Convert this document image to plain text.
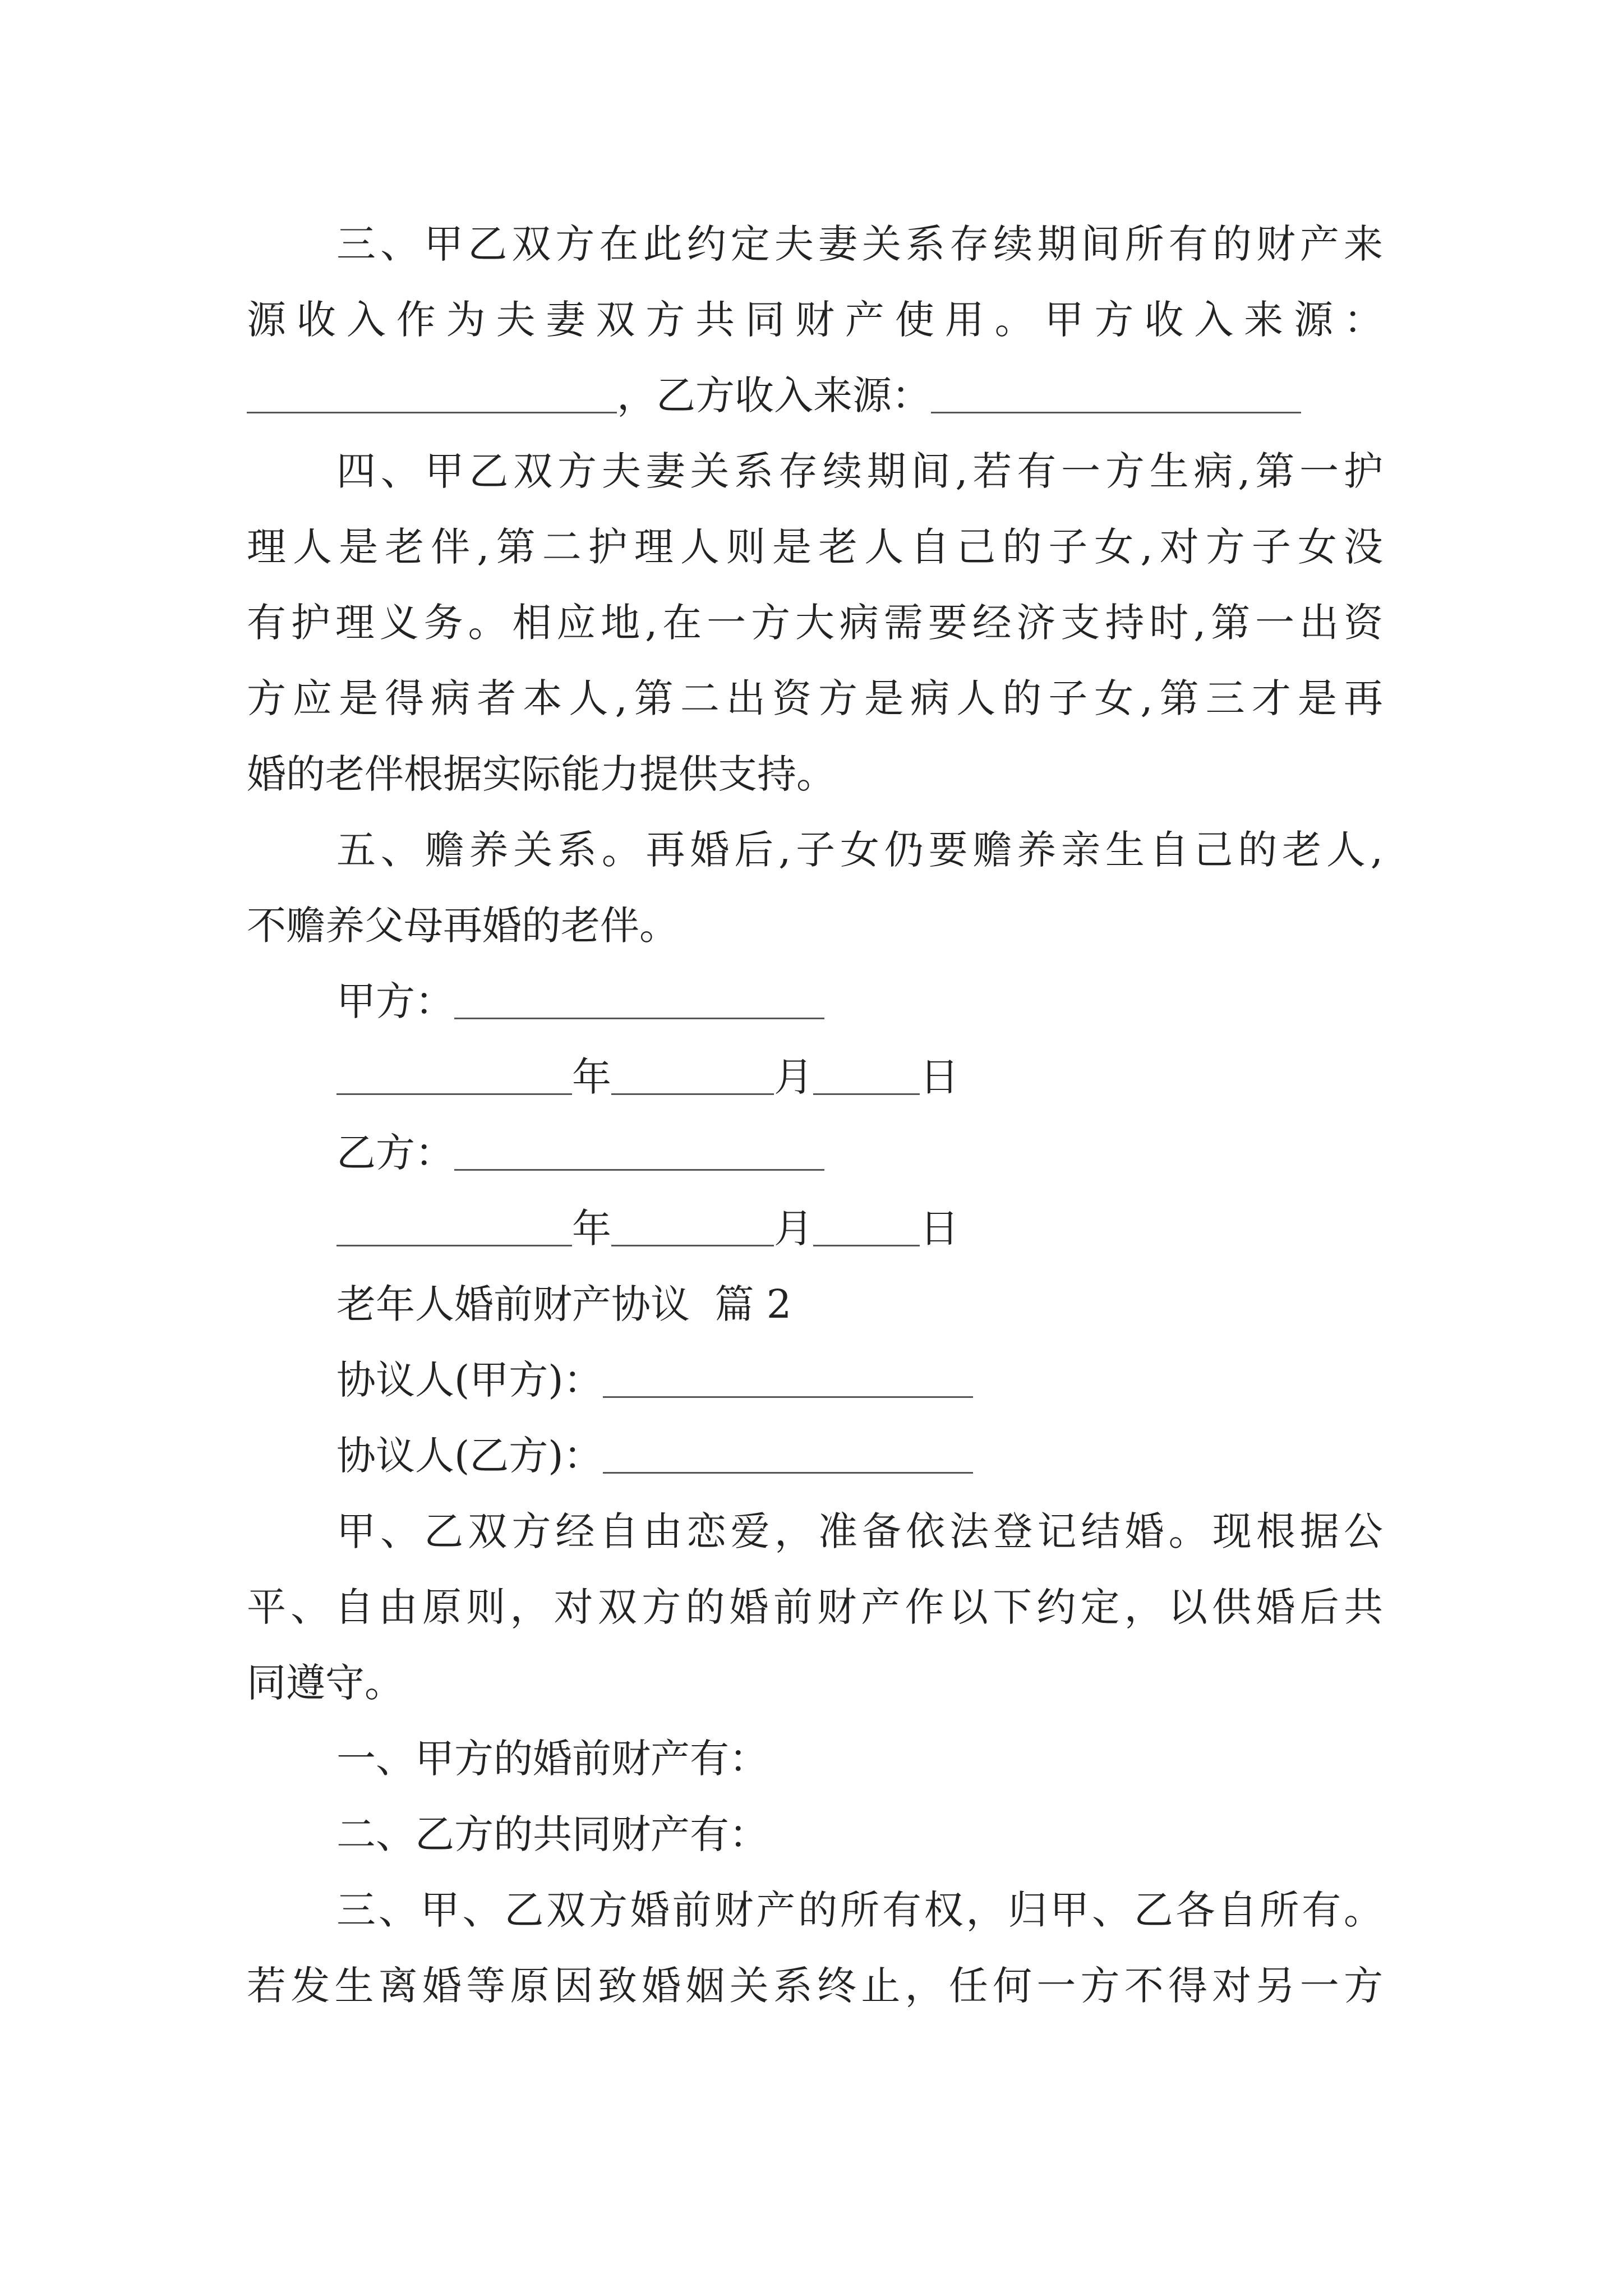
三、甲乙双方在此约定夫妻关系存续期间所有的财产来
源收入作为夫妻双方共同财产使用。甲方收入来源：
，乙方收入来源：
四、甲乙双方夫妻关系存续期间,若有一方生病,第一护
理人是老伴,第二护理人则是老人自己的子女,对方子女没
有护理义务。相应地,在一方大病需要经济支持时,第一出资
方应是得病者本人,第二出资方是病人的子女,第三才是再
婚的老伴根据实际能力提供支持。
五、赡养关系。再婚后,子女仍要赡养亲生自己的老人,
不赡养父母再婚的老伴。
甲方：
年	月	日
乙方：
年	月	日
老年人婚前财产协议  篇 2
协议人(甲方)：
协议人(乙方)：
甲、乙双方经自由恋爱，准备依法登记结婚。现根据公
平、自由原则，对双方的婚前财产作以下约定，以供婚后共
同遵守。
一、甲方的婚前财产有：
二、乙方的共同财产有：
三、甲、乙双方婚前财产的所有权，归甲、乙各自所有。
若发生离婚等原因致婚姻关系终止，任何一方不得对另一方
